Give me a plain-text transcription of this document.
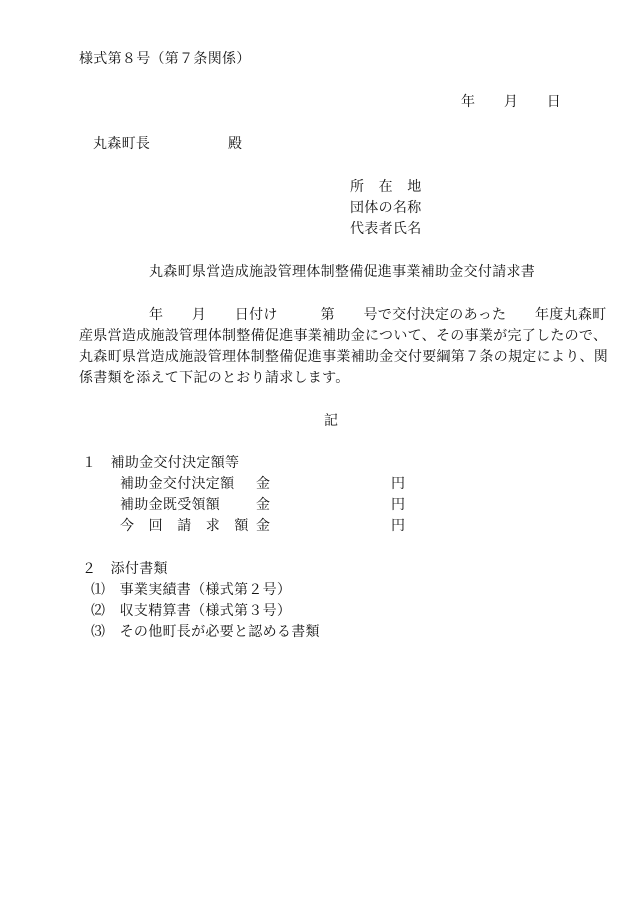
様式第８号（第７条関係）
年　　月　　日
丸森町長	殿
所　在　地
団体の名称
代表者氏名
丸森町県営造成施設管理体制整備促進事業補助金交付請求書
年　　月　　日付け　　　第　　号で交付決定のあった　　年度丸森町
産県営造成施設管理体制整備促進事業補助金について、その事業が完了したので、
丸森町県営造成施設管理体制整備促進事業補助金交付要綱第７条の規定により、関
係書類を添えて下記のとおり請求します。
記
１　補助金交付決定額等
補助金交付決定額 金	円
補助金既受領額	金	円
今　回　請　求　額 金	円
２　添付書類
⑴　事業実績書（様式第２号）
⑵　収支精算書（様式第３号）
⑶　その他町長が必要と認める書類
